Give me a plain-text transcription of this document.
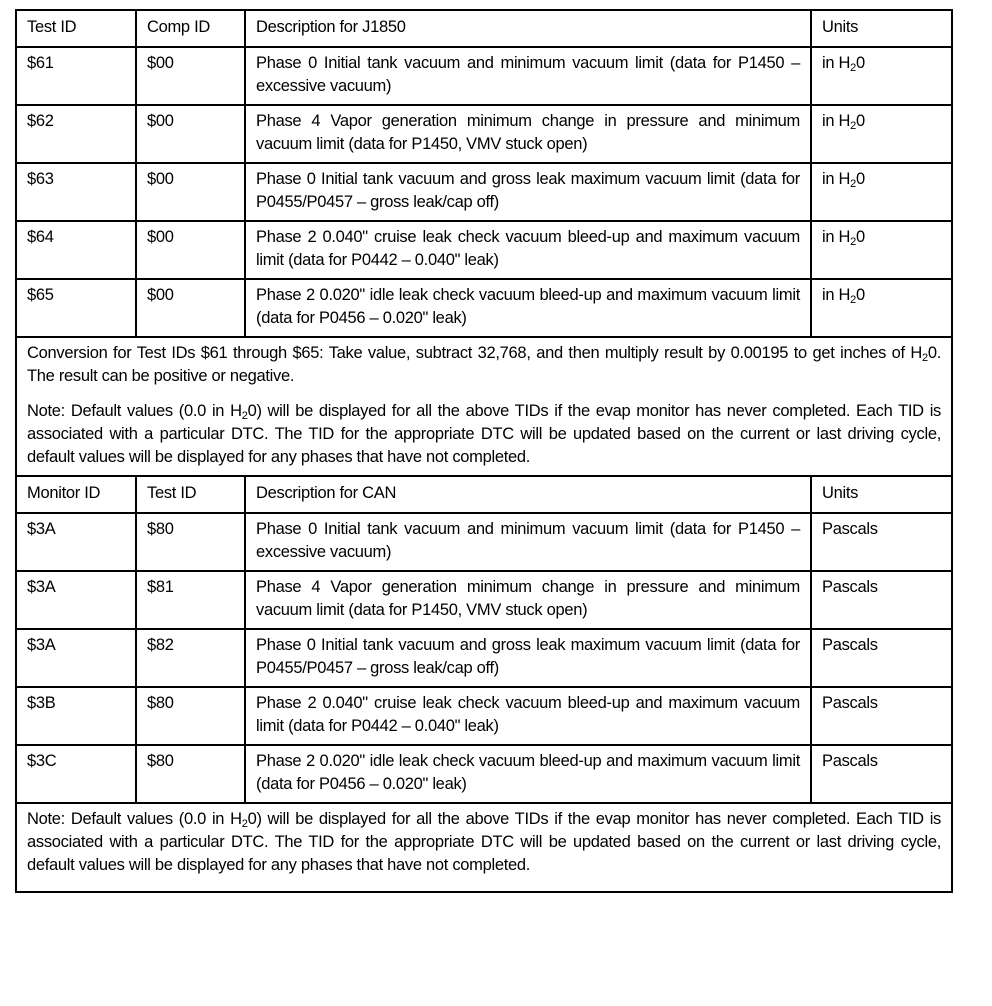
Test ID	Comp ID	Description for J1850	Units
$61	$00	Phase 0 Initial tank vacuum and minimum vacuum limit (data for P1450 – excessive vacuum)	in $H_20$
$62	$00	Phase 4 Vapor generation minimum change in pressure and minimum vacuum limit (data for P1450, VMV stuck open)	in $H_20$
$63	$00	Phase 0 Initial tank vacuum and gross leak maximum vacuum limit (data for P0455/P0457 – gross leak/cap off)	in $H_20$
$64	$00	Phase 2 0.040" cruise leak check vacuum bleed-up and maximum vacuum limit (data for P0442 – 0.040" leak)	in $H_20$
$65	$00	Phase 2 0.020" idle leak check vacuum bleed-up and maximum vacuum limit (data for P0456 – 0.020" leak)	in $H_20$

Conversion for Test IDs $61 through $65: Take value, subtract 32,768, and then multiply result by 0.00195 to get inches of $H_20$. The result can be positive or negative.

Note: Default values (0.0 in $H_20$) will be displayed for all the above TIDs if the evap monitor has never completed. Each TID is associated with a particular DTC. The TID for the appropriate DTC will be updated based on the current or last driving cycle, default values will be displayed for any phases that have not completed.			

Monitor ID	Test ID	Description for CAN	Units
$3A	$80	Phase 0 Initial tank vacuum and minimum vacuum limit (data for P1450 – excessive vacuum)	Pascals
$3A	$81	Phase 4 Vapor generation minimum change in pressure and minimum vacuum limit (data for P1450, VMV stuck open)	Pascals
$3A	$82	Phase 0 Initial tank vacuum and gross leak maximum vacuum limit (data for P0455/P0457 – gross leak/cap off)	Pascals
$3B	$80	Phase 2 0.040" cruise leak check vacuum bleed-up and maximum vacuum limit (data for P0442 – 0.040" leak)	Pascals
$3C	$80	Phase 2 0.020" idle leak check vacuum bleed-up and maximum vacuum limit (data for P0456 – 0.020" leak)	Pascals

Note: Default values (0.0 in $H_20$) will be displayed for all the above TIDs if the evap monitor has never completed. Each TID is associated with a particular DTC. The TID for the appropriate DTC will be updated based on the current or last driving cycle, default values will be displayed for any phases that have not completed.			
